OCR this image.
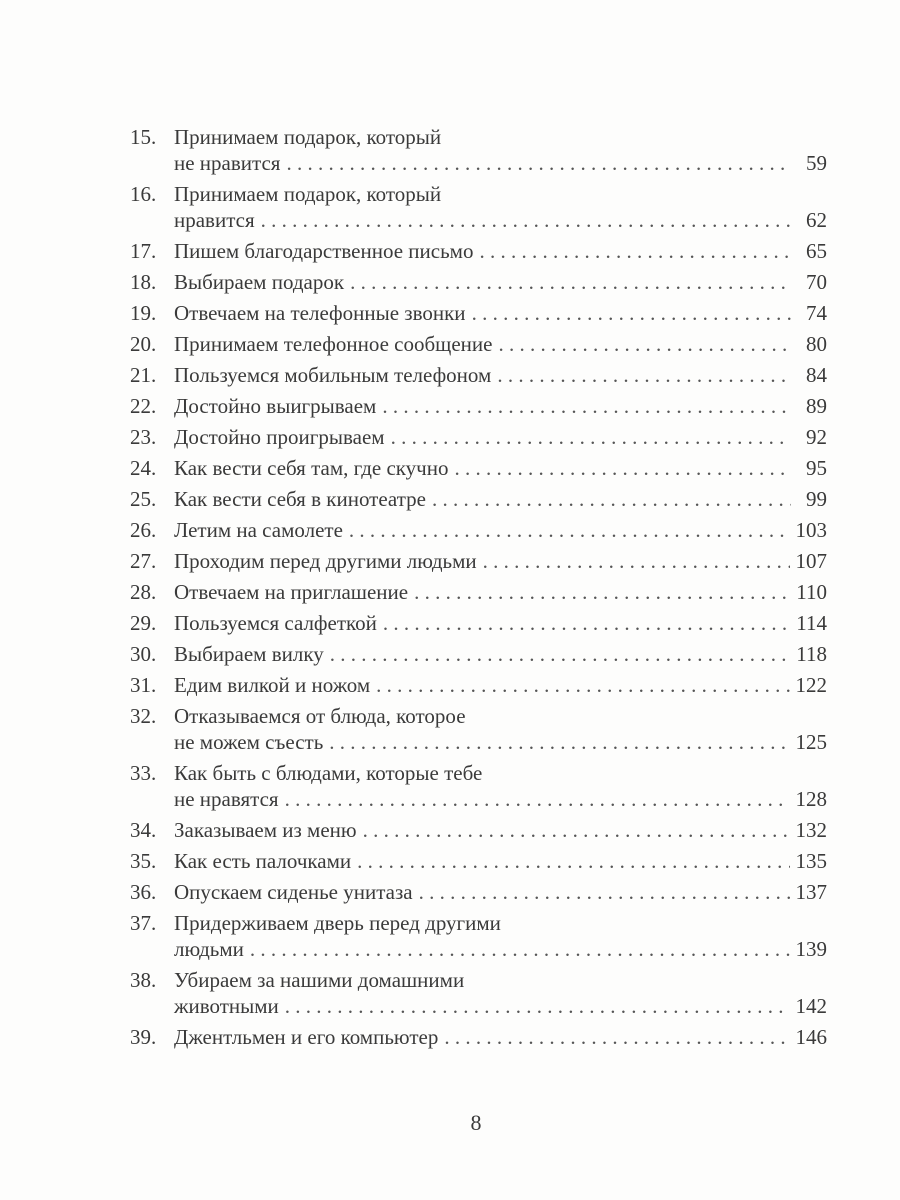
15. Принимаем подарок, который
не нравится . . .	59
16. Принимаем подарок, который
нравится . . .	62
17. Пишем благодарственное письмо . . .	65
18. Выбираем подарок . . .	70
19. Отвечаем на телефонные звонки . . .	74
20. Принимаем телефонное сообщение . . .	80
21. Пользуемся мобильным телефоном . . .	84
22. Достойно выигрываем . . .	89
23. Достойно проигрываем . . .	92
24. Как вести себя там, где скучно . . .	95
25. Как вести себя в кинотеатре . . .	99
26. Летим на самолете . . .	103
27. Проходим перед другими людьми . . .	107
28. Отвечаем на приглашение . . .	110
29. Пользуемся салфеткой . . .	114
30. Выбираем вилку . . .	118
31. Едим вилкой и ножом . . .	122
32. Отказываемся от блюда, которое
не можем съесть . . .	125
33. Как быть с блюдами, которые тебе
не нравятся . . .	128
34. Заказываем из меню . . .	132
35. Как есть палочками . . .	135
36. Опускаем сиденье унитаза . . .	137
37. Придерживаем дверь перед другими
людьми . . .	139
38. Убираем за нашими домашними
животными . . .	142
39. Джентльмен и его компьютер . . .	146
8
